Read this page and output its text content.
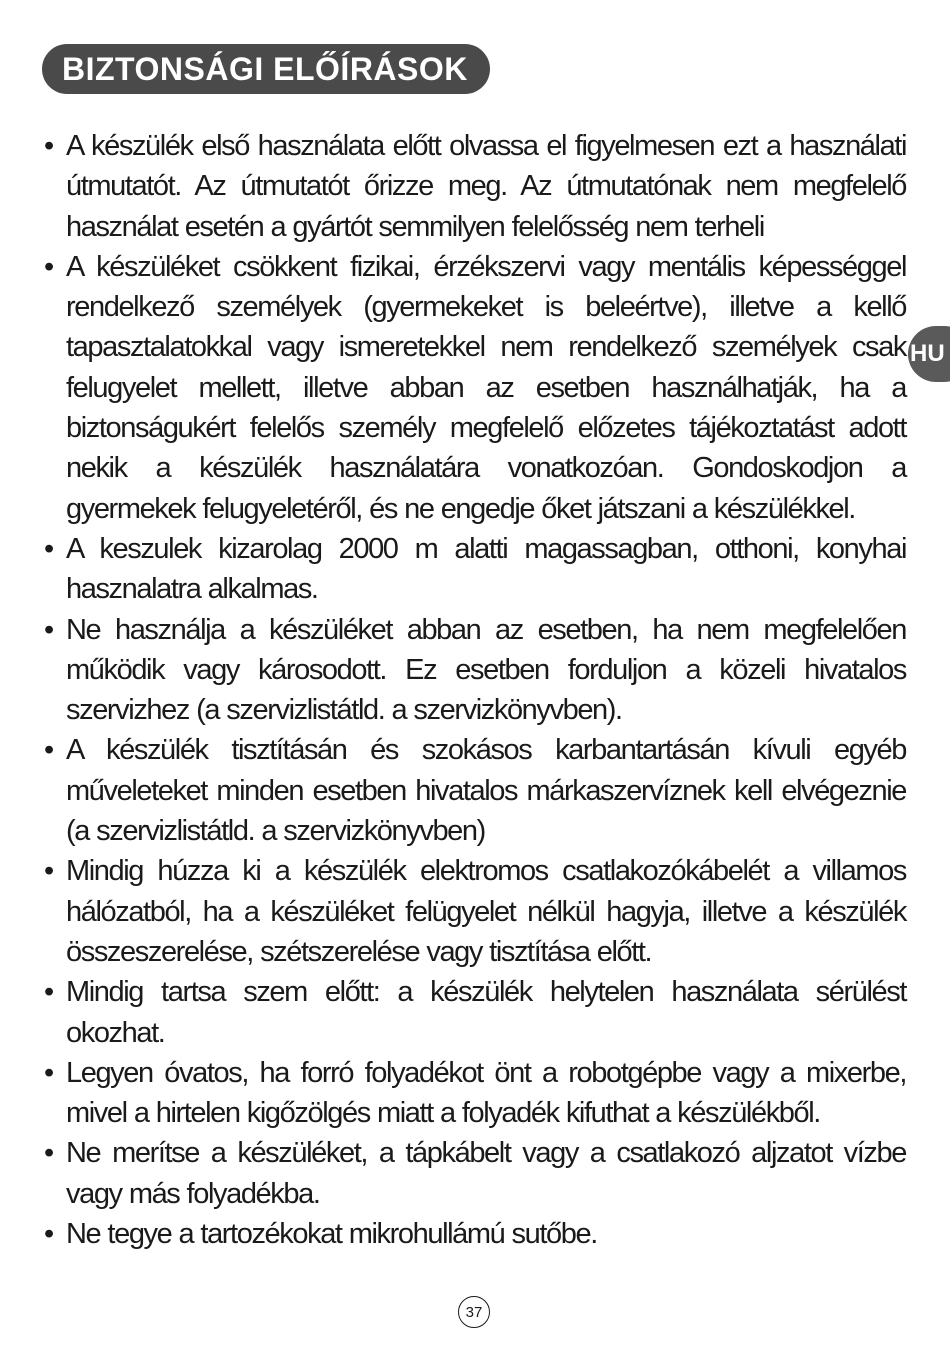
BIZTONSÁGI ELŐÍRÁSOK
HU
• A készülék első használata előtt olvassa el figyelmesen ezt a használati útmutatót. Az útmutatót őrizze meg. Az útmutatónak nem megfelelő használat esetén a gyártót semmilyen felelősség nem terheli
• A készüléket csökkent fizikai, érzékszervi vagy mentális képességgel rendelkező személyek (gyermekeket is beleértve), illetve a kellő tapasztalatokkal vagy ismeretekkel nem rendelkező személyek csak felugyelet mellett, illetve abban az esetben használhatják, ha a biztonságukért felelős személy megfelelő előzetes tájékoztatást adott nekik a készülék használatára vonatkozóan. Gondoskodjon a gyermekek felugyeletéről, és ne engedje őket játszani a készülékkel.
• A keszulek kizarolag 2000 m alatti magassagban, otthoni, konyhai hasznalatra alkalmas.
• Ne használja a készüléket abban az esetben, ha nem megfelelően működik vagy károsodott. Ez esetben forduljon a közeli hivatalos szervizhez (a szervizlistátld. a szervizkönyvben).
• A készülék tisztításán és szokásos karbantartásán kívuli egyéb műveleteket minden esetben hivatalos márkaszervíznek kell elvégeznie (a szervizlistátld. a szervizkönyvben)
• Mindig húzza ki a készülék elektromos csatlakozókábelét a villamos hálózatból, ha a készüléket felügyelet nélkül hagyja, illetve a készülék összeszerelése, szétszerelése vagy tisztítása előtt.
• Mindig tartsa szem előtt: a készülék helytelen használata sérülést okozhat.
• Legyen óvatos, ha forró folyadékot önt a robotgépbe vagy a mixerbe, mivel a hirtelen kigőzölgés miatt a folyadék kifuthat a készülékből.
• Ne merítse a készüléket, a tápkábelt vagy a csatlakozó aljzatot vízbe vagy más folyadékba.
• Ne tegye a tartozékokat mikrohullámú sutőbe.
37
